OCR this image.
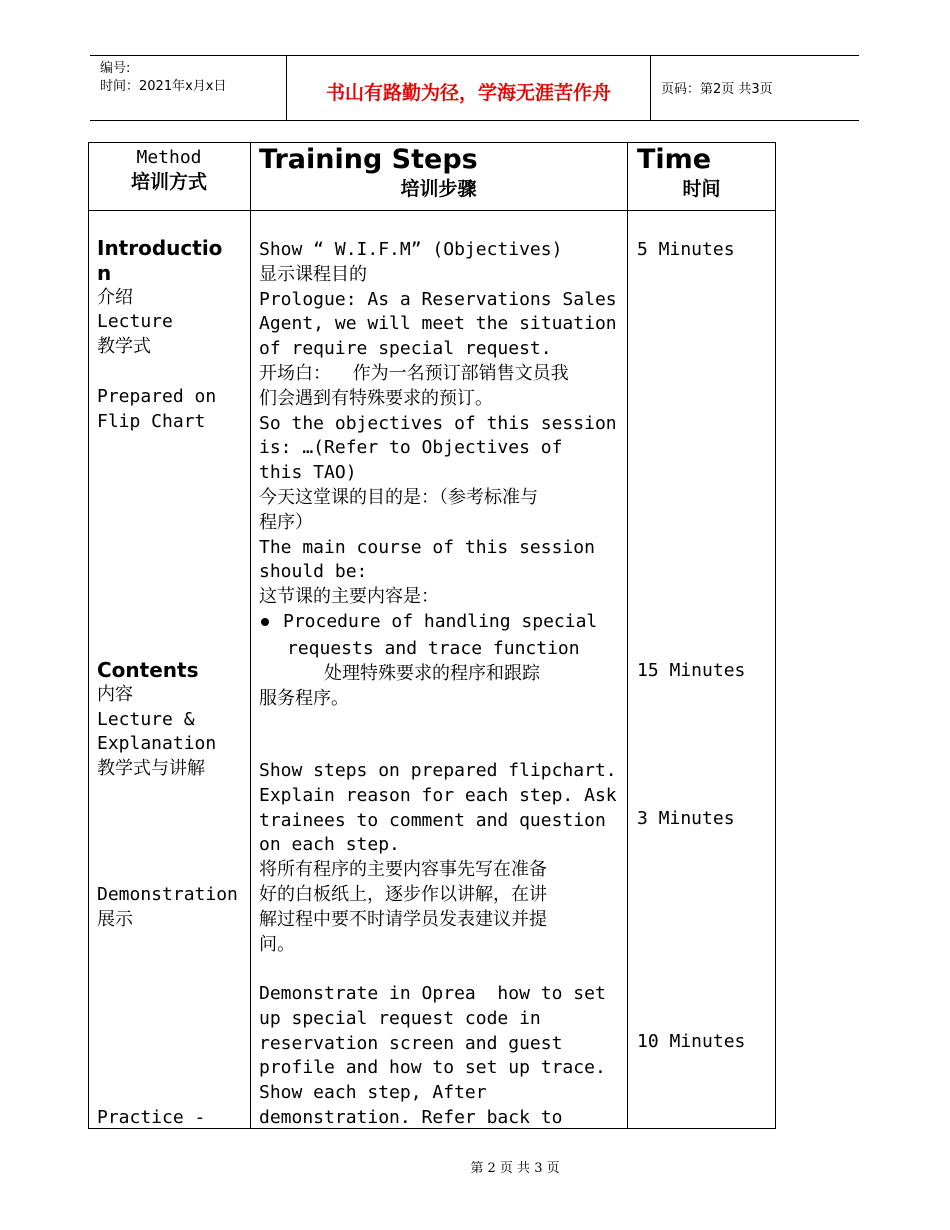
编号:
时间：2021年x月x日	书山有路勤为径，学海无涯苦作舟	页码：第2页 共3页
Method
培训方式
Training Steps
培训步骤
Time
时间
Introductio
n
介绍
Lecture
教学式
Prepared on
Flip Chart
Contents
内容
Lecture &
Explanation
教学式与讲解
Demonstration
展示
Practice -
Show “ W.I.F.M” (Objectives)
显示课程目的
Prologue: As a Reservations Sales
Agent, we will meet the situation
of require special request.
开场白：  作为一名预订部销售文员我
们会遇到有特殊要求的预订。
So the objectives of this session
is: …(Refer to Objectives of
this TAO)
今天这堂课的目的是：（参考标准与
程序）
The main course of this session
should be:
这节课的主要内容是：
Procedure of handling special
requests and trace function
处理特殊要求的程序和跟踪
服务程序。
Show steps on prepared flipchart.
Explain reason for each step. Ask
trainees to comment and question
on each step.
将所有程序的主要内容事先写在准备
好的白板纸上，逐步作以讲解，在讲
解过程中要不时请学员发表建议并提
问。
Demonstrate in Oprea  how to set
up special request code in
reservation screen and guest
profile and how to set up trace.
Show each step, After
demonstration. Refer back to
5 Minutes
15 Minutes
3 Minutes
10 Minutes
第 2 页 共 3 页
